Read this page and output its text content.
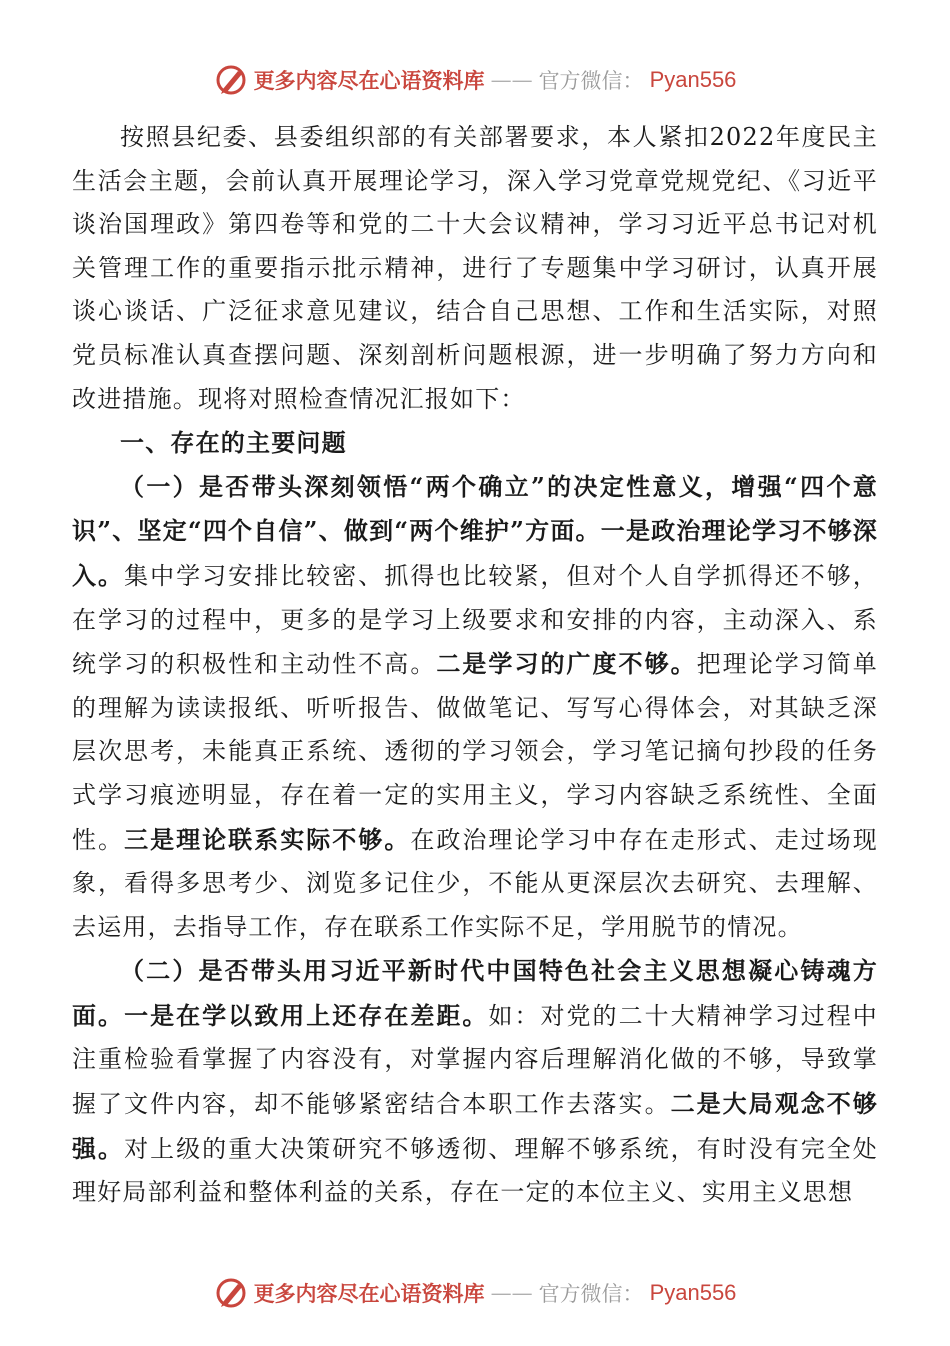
更多内容尽在心语资料库 —— 官方微信： Pyan556

按照县纪委、县委组织部的有关部署要求，本人紧扣2022年度民主生活会主题，会前认真开展理论学习，深入学习党章党规党纪、《习近平谈治国理政》第四卷等和党的二十大会议精神，学习习近平总书记对机关管理工作的重要指示批示精神，进行了专题集中学习研讨，认真开展谈心谈话、广泛征求意见建议，结合自己思想、工作和生活实际，对照党员标准认真查摆问题、深刻剖析问题根源，进一步明确了努力方向和改进措施。现将对照检查情况汇报如下：

一、存在的主要问题

（一）是否带头深刻领悟“两个确立”的决定性意义，增强“四个意识”、坚定“四个自信”、做到“两个维护”方面。一是政治理论学习不够深入。集中学习安排比较密、抓得也比较紧，但对个人自学抓得还不够，在学习的过程中，更多的是学习上级要求和安排的内容，主动深入、系统学习的积极性和主动性不高。二是学习的广度不够。把理论学习简单的理解为读读报纸、听听报告、做做笔记、写写心得体会，对其缺乏深层次思考，未能真正系统、透彻的学习领会，学习笔记摘句抄段的任务式学习痕迹明显，存在着一定的实用主义，学习内容缺乏系统性、全面性。三是理论联系实际不够。在政治理论学习中存在走形式、走过场现象，看得多思考少、浏览多记住少，不能从更深层次去研究、去理解、去运用，去指导工作，存在联系工作实际不足，学用脱节的情况。

（二）是否带头用习近平新时代中国特色社会主义思想凝心铸魂方面。一是在学以致用上还存在差距。如：对党的二十大精神学习过程中注重检验看掌握了内容没有，对掌握内容后理解消化做的不够，导致掌握了文件内容，却不能够紧密结合本职工作去落实。二是大局观念不够强。对上级的重大决策研究不够透彻、理解不够系统，有时没有完全处理好局部利益和整体利益的关系，存在一定的本位主义、实用主义思想

更多内容尽在心语资料库 —— 官方微信： Pyan556
